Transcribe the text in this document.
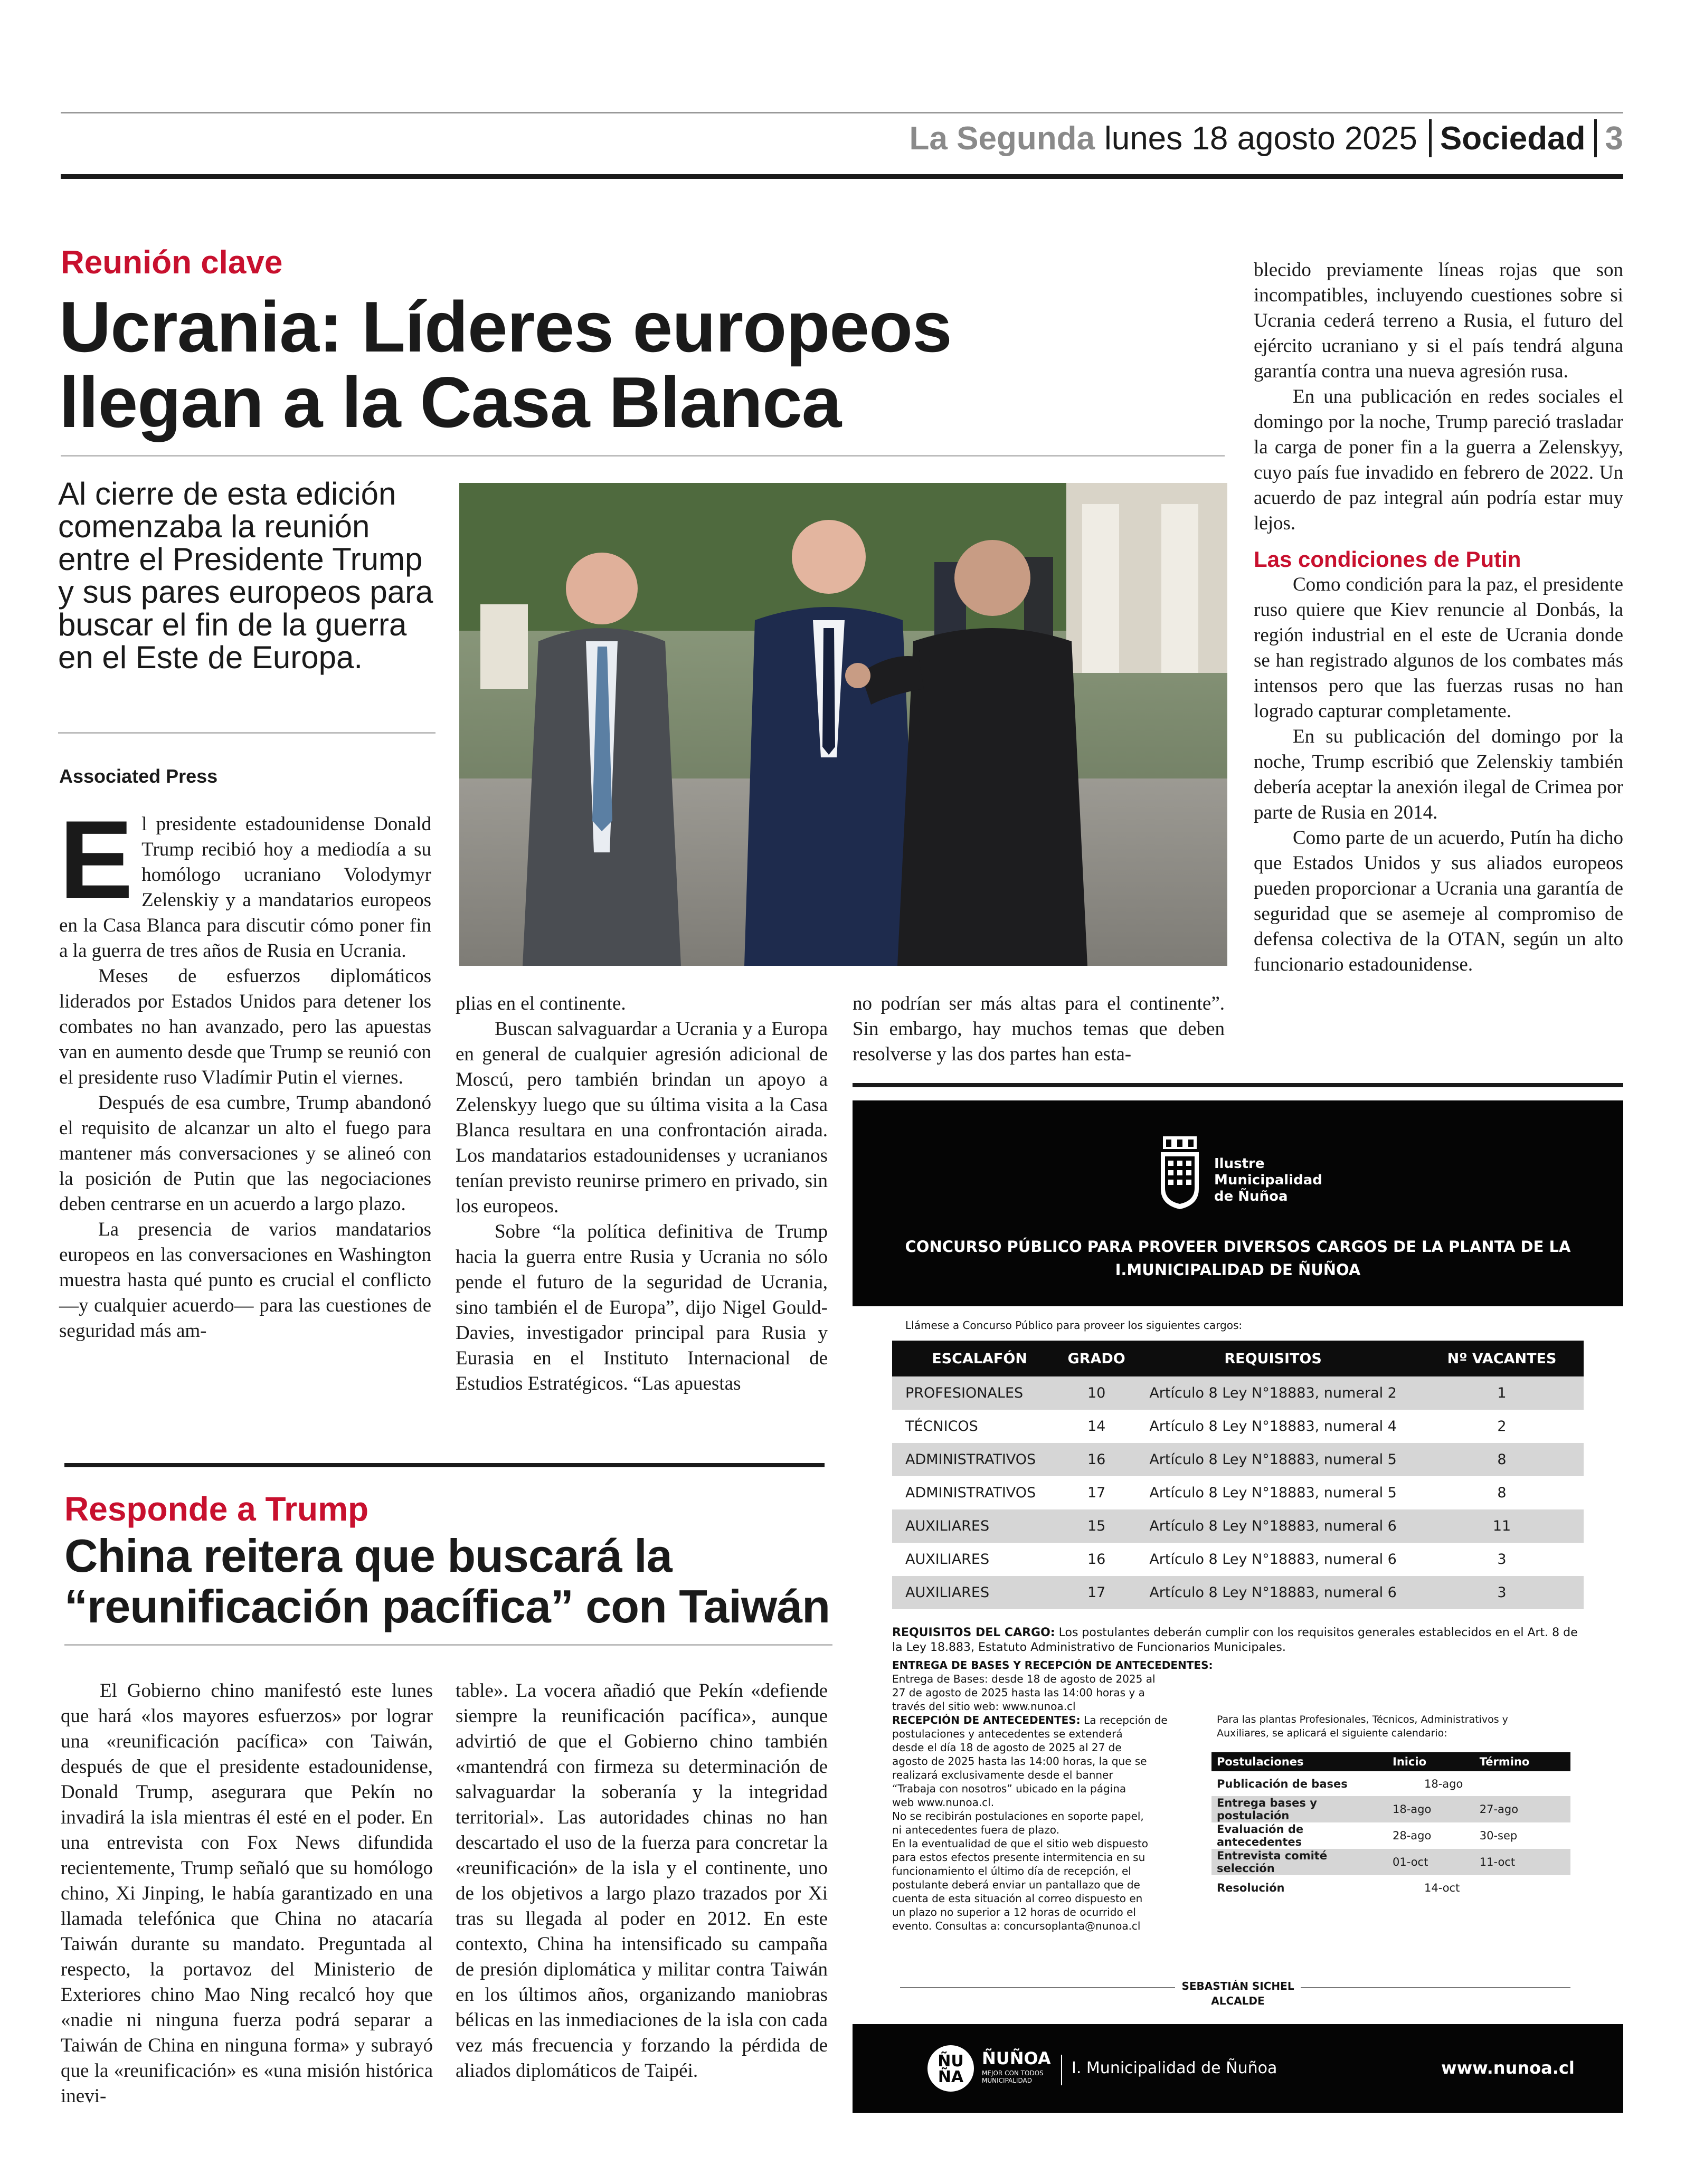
La Segunda lunes 18 agosto 2025 Sociedad 3
Reunión clave
Ucrania: Líderes europeos
llegan a la Casa Blanca
Al cierre de esta edición comenzaba la reunión entre el Presidente Trump y sus pares europeos para buscar el fin de la guerra en el Este de Europa.
Associated Press

El presidente estadounidense Donald Trump recibió hoy a mediodía a su homólogo ucraniano Volodymyr Zelenskiy y a mandatarios europeos en la Casa Blanca para discutir cómo poner fin a la guerra de tres años de Rusia en Ucrania.

Meses de esfuerzos diplomáticos liderados por Estados Unidos para detener los combates no han avanzado, pero las apuestas van en aumento desde que Trump se reunió con el presidente ruso Vladímir Putin el viernes.

Después de esa cumbre, Trump abandonó el requisito de alcanzar un alto el fuego para mantener más conversaciones y se alineó con la posición de Putin que las negociaciones deben centrarse en un acuerdo a largo plazo.

La presencia de varios mandatarios europeos en las conversaciones en Washington muestra hasta qué punto es crucial el conflicto —y cualquier acuerdo— para las cuestiones de seguridad más am-

plias en el continente.

Buscan salvaguardar a Ucrania y a Europa en general de cualquier agresión adicional de Moscú, pero también brindan un apoyo a Zelenskyy luego que su última visita a la Casa Blanca resultara en una confrontación airada. Los mandatarios estadounidenses y ucranianos tenían previsto reunirse primero en privado, sin los europeos.

Sobre “la política definitiva de Trump hacia la guerra entre Rusia y Ucrania no sólo pende el futuro de la seguridad de Ucrania, sino también el de Europa”, dijo Nigel Gould-Davies, investigador principal para Rusia y Eurasia en el Instituto Internacional de Estudios Estratégicos. “Las apuestas

no podrían ser más altas para el continente”. Sin embargo, hay muchos temas que deben resolverse y las dos partes han esta-

blecido previamente líneas rojas que son incompatibles, incluyendo cuestiones sobre si Ucrania cederá terreno a Rusia, el futuro del ejército ucraniano y si el país tendrá alguna garantía contra una nueva agresión rusa.

En una publicación en redes sociales el domingo por la noche, Trump pareció trasladar la carga de poner fin a la guerra a Zelenskyy, cuyo país fue invadido en febrero de 2022. Un acuerdo de paz integral aún podría estar muy lejos.

Las condiciones de Putin

Como condición para la paz, el presidente ruso quiere que Kiev renuncie al Donbás, la región industrial en el este de Ucrania donde se han registrado algunos de los combates más intensos pero que las fuerzas rusas no han logrado capturar completamente.

En su publicación del domingo por la noche, Trump escribió que Zelenskiy también debería aceptar la anexión ilegal de Crimea por parte de Rusia en 2014.

Como parte de un acuerdo, Putín ha dicho que Estados Unidos y sus aliados europeos pueden proporcionar a Ucrania una garantía de seguridad que se asemeje al compromiso de defensa colectiva de la OTAN, según un alto funcionario estadounidense.

Responde a Trump
China reitera que buscará la
“reunificación pacífica” con Taiwán

El Gobierno chino manifestó este lunes que hará «los mayores esfuerzos» por lograr una «reunificación pacífica» con Taiwán, después de que el presidente estadounidense, Donald Trump, asegurara que Pekín no invadirá la isla mientras él esté en el poder. En una entrevista con Fox News difundida recientemente, Trump señaló que su homólogo chino, Xi Jinping, le había garantizado en una llamada telefónica que China no atacaría Taiwán durante su mandato. Preguntada al respecto, la portavoz del Ministerio de Exteriores chino Mao Ning recalcó hoy que «nadie ni ninguna fuerza podrá separar a Taiwán de China en ninguna forma» y subrayó que la «reunificación» es «una misión histórica inevi-

table». La vocera añadió que Pekín «defiende siempre la reunificación pacífica», aunque advirtió de que el Gobierno chino también «mantendrá con firmeza su determinación de salvaguardar la soberanía y la integridad territorial». Las autoridades chinas no han descartado el uso de la fuerza para concretar la «reunificación» de la isla y el continente, uno de los objetivos a largo plazo trazados por Xi tras su llegada al poder en 2012. En este contexto, China ha intensificado su campaña de presión diplomática y militar contra Taiwán en los últimos años, organizando maniobras bélicas en las inmediaciones de la isla con cada vez más frecuencia y forzando la pérdida de aliados diplomáticos de Taipéi.

Ilustre
Municipalidad
de Ñuñoa
CONCURSO PÚBLICO PARA PROVEER DIVERSOS CARGOS DE LA PLANTA DE LA
I.MUNICIPALIDAD DE ÑUÑOA
Llámese a Concurso Público para proveer los siguientes cargos:
ESCALAFÓN	GRADO	REQUISITOS	Nº VACANTES
PROFESIONALES	10	Artículo 8 Ley N°18883, numeral 2	1
TÉCNICOS	14	Artículo 8 Ley N°18883, numeral 4	2
ADMINISTRATIVOS	16	Artículo 8 Ley N°18883, numeral 5	8
ADMINISTRATIVOS	17	Artículo 8 Ley N°18883, numeral 5	8
AUXILIARES	15	Artículo 8 Ley N°18883, numeral 6	11
AUXILIARES	16	Artículo 8 Ley N°18883, numeral 6	3
AUXILIARES	17	Artículo 8 Ley N°18883, numeral 6	3
REQUISITOS DEL CARGO: Los postulantes deberán cumplir con los requisitos generales establecidos en el Art. 8 de la Ley 18.883, Estatuto Administrativo de Funcionarios Municipales.
ENTREGA DE BASES Y RECEPCIÓN DE ANTECEDENTES:
Entrega de Bases: desde 18 de agosto de 2025 al
27 de agosto de 2025 hasta las 14:00 horas y a
través del sitio web: www.nunoa.cl
RECEPCIÓN DE ANTECEDENTES: La recepción de
postulaciones y antecedentes se extenderá
desde el día 18 de agosto de 2025 al 27 de
agosto de 2025 hasta las 14:00 horas, la que se
realizará exclusivamente desde el banner
“Trabaja con nosotros” ubicado en la página
web www.nunoa.cl.
No se recibirán postulaciones en soporte papel,
ni antecedentes fuera de plazo.
En la eventualidad de que el sitio web dispuesto
para estos efectos presente intermitencia en su
funcionamiento el último día de recepción, el
postulante deberá enviar un pantallazo que de
cuenta de esta situación al correo dispuesto en
un plazo no superior a 12 horas de ocurrido el
evento. Consultas a: concursoplanta@nunoa.cl
Para las plantas Profesionales, Técnicos, Administrativos y
Auxiliares, se aplicará el siguiente calendario:
Postulaciones	Inicio	Término
Publicación de bases	18-ago	
Entrega bases y postulación	18-ago	27-ago
Evaluación de antecedentes	28-ago	30-sep
Entrevista comité selección	01-oct	11-oct
Resolución	14-oct	
SEBASTIÁN SICHEL
ALCALDE
ÑU
ÑA
ÑUÑOA
MEJOR CON TODOS
MUNICIPALIDAD
I. Municipalidad de Ñuñoa	www.nunoa.cl
